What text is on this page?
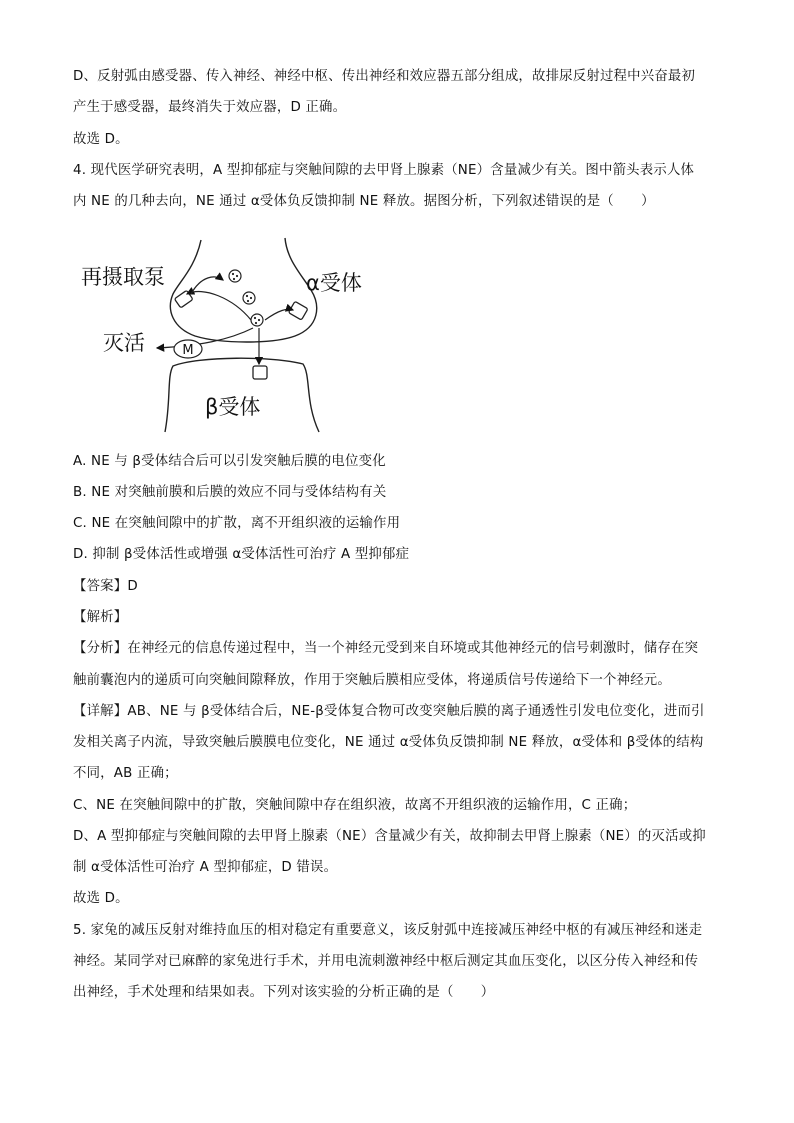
D、反射弧由感受器、传入神经、神经中枢、传出神经和效应器五部分组成，故排尿反射过程中兴奋最初
产生于感受器，最终消失于效应器，D 正确。
故选 D。
4. 现代医学研究表明，A 型抑郁症与突触间隙的去甲肾上腺素（NE）含量减少有关。图中箭头表示人体
内 NE 的几种去向，NE 通过 α受体负反馈抑制 NE 释放。据图分析，下列叙述错误的是（　　）
M
再摄取泵	α受体
灭活
β受体
A. NE 与 β受体结合后可以引发突触后膜的电位变化
B. NE 对突触前膜和后膜的效应不同与受体结构有关
C. NE 在突触间隙中的扩散，离不开组织液的运输作用
D. 抑制 β受体活性或增强 α受体活性可治疗 A 型抑郁症
【答案】D
【解析】
【分析】在神经元的信息传递过程中，当一个神经元受到来自环境或其他神经元的信号刺激时，储存在突
触前囊泡内的递质可向突触间隙释放，作用于突触后膜相应受体，将递质信号传递给下一个神经元。
【详解】AB、NE 与 β受体结合后，NE-β受体复合物可改变突触后膜的离子通透性引发电位变化，进而引
发相关离子内流，导致突触后膜膜电位变化，NE 通过 α受体负反馈抑制 NE 释放，α受体和 β受体的结构
不同，AB 正确；
C、NE 在突触间隙中的扩散，突触间隙中存在组织液，故离不开组织液的运输作用，C 正确；
D、A 型抑郁症与突触间隙的去甲肾上腺素（NE）含量减少有关，故抑制去甲肾上腺素（NE）的灭活或抑
制 α受体活性可治疗 A 型抑郁症，D 错误。
故选 D。
5. 家兔的减压反射对维持血压的相对稳定有重要意义，该反射弧中连接减压神经中枢的有减压神经和迷走
神经。某同学对已麻醉的家兔进行手术，并用电流刺激神经中枢后测定其血压变化，以区分传入神经和传
出神经，手术处理和结果如表。下列对该实验的分析正确的是（　　）
